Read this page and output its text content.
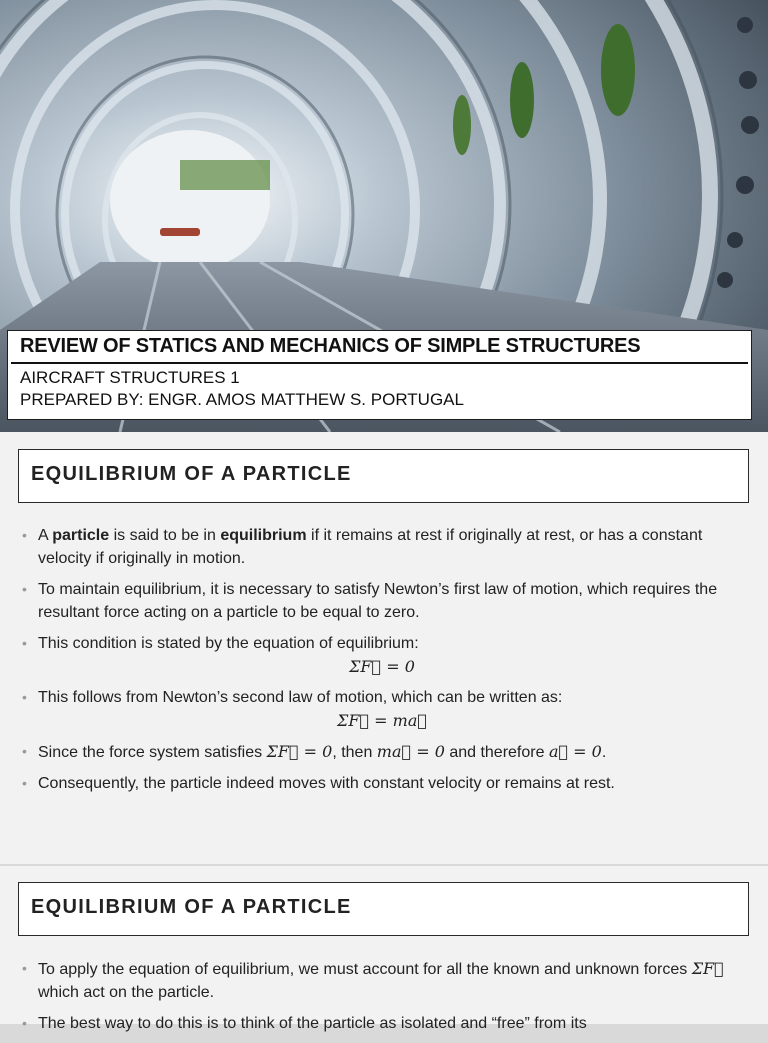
REVIEW OF STATICS AND MECHANICS OF SIMPLE STRUCTURES
AIRCRAFT STRUCTURES 1
PREPARED BY: ENGR. AMOS MATTHEW S. PORTUGAL
EQUILIBRIUM OF A PARTICLE
• A particle is said to be in equilibrium if it remains at rest if originally at rest, or has a constant velocity if originally in motion.
• To maintain equilibrium, it is necessary to satisfy Newton’s first law of motion, which requires the resultant force acting on a particle to be equal to zero.
• This condition is stated by the equation of equilibrium:
ΣF⃗ = 0
• This follows from Newton’s second law of motion, which can be written as:
ΣF⃗ = ma⃗
• Since the force system satisfies ΣF⃗ = 0, then ma⃗ = 0 and therefore a⃗ = 0.
• Consequently, the particle indeed moves with constant velocity or remains at rest.
EQUILIBRIUM OF A PARTICLE
• To apply the equation of equilibrium, we must account for all the known and unknown forces ΣF⃗ which act on the particle.
• The best way to do this is to think of the particle as isolated and “free” from its
